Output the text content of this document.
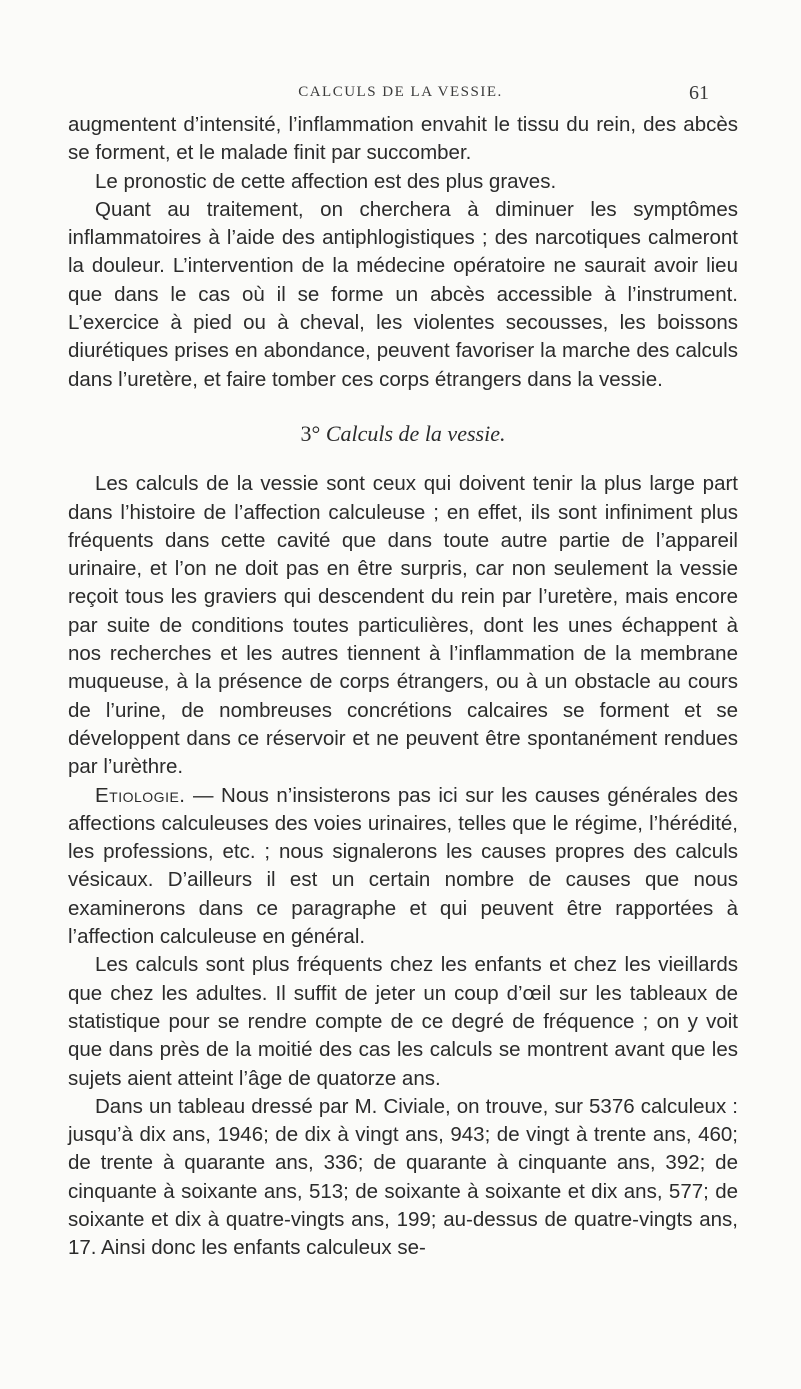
CALCULS DE LA VESSIE.	61

augmentent d’intensité, l’inflammation envahit le tissu du rein, des abcès se forment, et le malade finit par succomber.

Le pronostic de cette affection est des plus graves.

Quant au traitement, on cherchera à diminuer les symptômes inflammatoires à l’aide des antiphlogistiques ; des narcotiques calmeront la douleur. L’intervention de la médecine opératoire ne saurait avoir lieu que dans le cas où il se forme un abcès accessible à l’instrument. L’exercice à pied ou à cheval, les violentes secousses, les boissons diurétiques prises en abondance, peuvent favoriser la marche des calculs dans l’uretère, et faire tomber ces corps étrangers dans la vessie.

3° Calculs de la vessie.

Les calculs de la vessie sont ceux qui doivent tenir la plus large part dans l’histoire de l’affection calculeuse ; en effet, ils sont infiniment plus fréquents dans cette cavité que dans toute autre partie de l’appareil urinaire, et l’on ne doit pas en être surpris, car non seulement la vessie reçoit tous les graviers qui descendent du rein par l’uretère, mais encore par suite de conditions toutes particulières, dont les unes échappent à nos recherches et les autres tiennent à l’inflammation de la membrane muqueuse, à la présence de corps étrangers, ou à un obstacle au cours de l’urine, de nombreuses concrétions calcaires se forment et se développent dans ce réservoir et ne peuvent être spontanément rendues par l’urèthre.

Etiologie. — Nous n’insisterons pas ici sur les causes générales des affections calculeuses des voies urinaires, telles que le régime, l’hérédité, les professions, etc. ; nous signalerons les causes propres des calculs vésicaux. D’ailleurs il est un certain nombre de causes que nous examinerons dans ce paragraphe et qui peuvent être rapportées à l’affection calculeuse en général.

Les calculs sont plus fréquents chez les enfants et chez les vieillards que chez les adultes. Il suffit de jeter un coup d’œil sur les tableaux de statistique pour se rendre compte de ce degré de fréquence ; on y voit que dans près de la moitié des cas les calculs se montrent avant que les sujets aient atteint l’âge de quatorze ans.

Dans un tableau dressé par M. Civiale, on trouve, sur 5376 calculeux : jusqu’à dix ans, 1946; de dix à vingt ans, 943; de vingt à trente ans, 460; de trente à quarante ans, 336; de quarante à cinquante ans, 392; de cinquante à soixante ans, 513; de soixante à soixante et dix ans, 577; de soixante et dix à quatre-vingts ans, 199; au-dessus de quatre-vingts ans, 17. Ainsi donc les enfants calculeux se-
